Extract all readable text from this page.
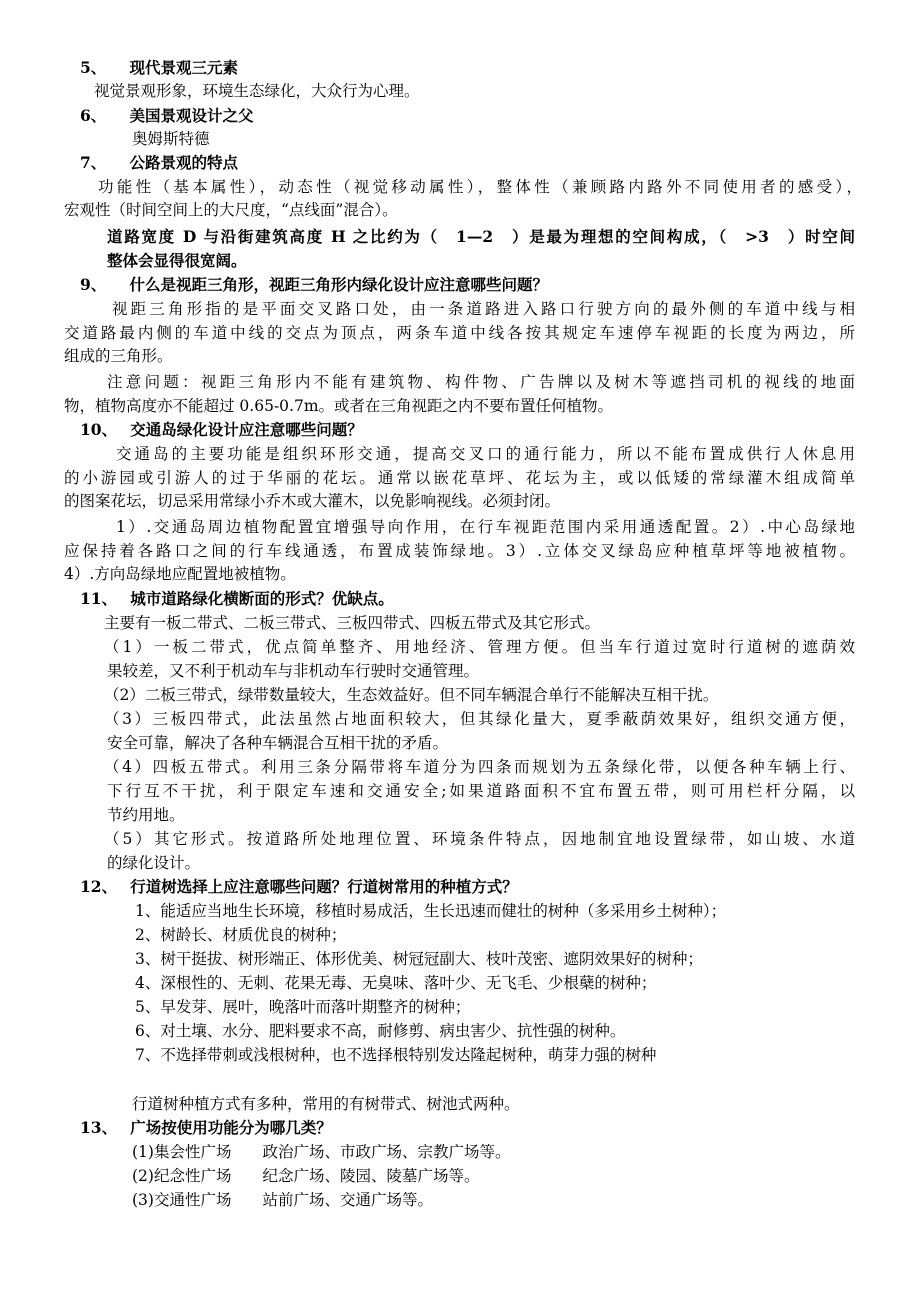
5、　　现代景观三元素
视觉景观形象，环境生态绿化，大众行为心理。
6、　　美国景观设计之父
奥姆斯特德
7、　　公路景观的特点
功能性（基本属性），动态性（视觉移动属性），整体性（兼顾路内路外不同使用者的感受），
宏观性（时间空间上的大尺度，“点线面”混合）。
道路宽度 D 与沿街建筑高度 H 之比约为（　1—2　）是最为理想的空间构成，（　>3　）时空间
整体会显得很宽阔。
9、　　什么是视距三角形，视距三角形内绿化设计应注意哪些问题？
视距三角形指的是平面交叉路口处，由一条道路进入路口行驶方向的最外侧的车道中线与相
交道路最内侧的车道中线的交点为顶点，两条车道中线各按其规定车速停车视距的长度为两边，所
组成的三角形。
注意问题：视距三角形内不能有建筑物、构件物、广告牌以及树木等遮挡司机的视线的地面
物，植物高度亦不能超过 0.65-0.7m。或者在三角视距之内不要布置任何植物。
10、　 交通岛绿化设计应注意哪些问题？
交通岛的主要功能是组织环形交通，提高交叉口的通行能力，所以不能布置成供行人休息用
的小游园或引游人的过于华丽的花坛。通常以嵌花草坪、花坛为主，或以低矮的常绿灌木组成简单
的图案花坛，切忌采用常绿小乔木或大灌木，以免影响视线。必须封闭。
1）.交通岛周边植物配置宜增强导向作用，在行车视距范围内采用通透配置。2）.中心岛绿地
应保持着各路口之间的行车线通透，布置成装饰绿地。3）.立体交叉绿岛应种植草坪等地被植物。
4）.方向岛绿地应配置地被植物。
11、　 城市道路绿化横断面的形式？优缺点。
主要有一板二带式、二板三带式、三板四带式、四板五带式及其它形式。
（1）一板二带式，优点简单整齐、用地经济、管理方便。但当车行道过宽时行道树的遮荫效
果较差，又不利于机动车与非机动车行驶时交通管理。
（2）二板三带式，绿带数量较大，生态效益好。但不同车辆混合单行不能解决互相干扰。
（3）三板四带式，此法虽然占地面积较大，但其绿化量大，夏季蔽荫效果好，组织交通方便，
安全可靠，解决了各种车辆混合互相干扰的矛盾。
（4）四板五带式。利用三条分隔带将车道分为四条而规划为五条绿化带，以便各种车辆上行、
下行互不干扰，利于限定车速和交通安全;如果道路面积不宜布置五带，则可用栏杆分隔，以
节约用地。
（5）其它形式。按道路所处地理位置、环境条件特点，因地制宜地设置绿带，如山坡、水道
的绿化设计。
12、　 行道树选择上应注意哪些问题？行道树常用的种植方式？
1、能适应当地生长环境，移植时易成活，生长迅速而健壮的树种（多采用乡土树种）；
2、树龄长、材质优良的树种；
3、树干挺拔、树形端正、体形优美、树冠冠副大、枝叶茂密、遮阴效果好的树种；
4、深根性的、无刺、花果无毒、无臭味、落叶少、无飞毛、少根蘖的树种；
5、早发芽、展叶，晚落叶而落叶期整齐的树种；
6、对土壤、水分、肥料要求不高，耐修剪、病虫害少、抗性强的树种。
7、不选择带刺或浅根树种，也不选择根特别发达隆起树种，萌芽力强的树种
行道树种植方式有多种，常用的有树带式、树池式两种。
13、　 广场按使用功能分为哪几类？
(1)集会性广场　　政治广场、市政广场、宗教广场等。
(2)纪念性广场　　纪念广场、陵园、陵墓广场等。
(3)交通性广场　　站前广场、交通广场等。
